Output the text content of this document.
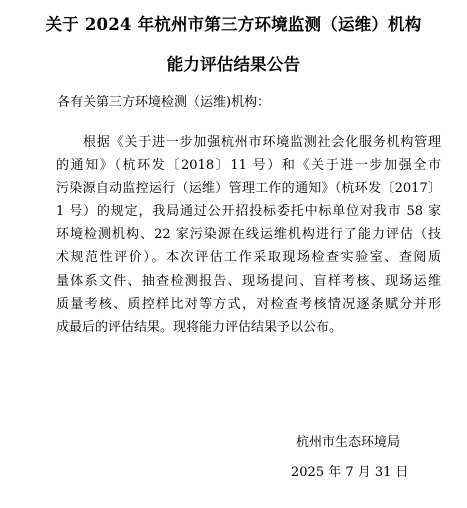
关于 2024 年杭州市第三方环境监测（运维）机构
能力评估结果公告
各有关第三方环境检测（运维)机构：
根据《关于进一步加强杭州市环境监测社会化服务机构管理
的通知》（杭环发〔2018〕11 号）和《关于进一步加强全市
污染源自动监控运行（运维）管理工作的通知》（杭环发〔2017〕
1 号）的规定，我局通过公开招投标委托中标单位对我市 58 家
环境检测机构、22 家污染源在线运维机构进行了能力评估（技
术规范性评价）。本次评估工作采取现场检查实验室、查阅质
量体系文件、抽查检测报告、现场提问、盲样考核、现场运维
质量考核、质控样比对等方式，对检查考核情况逐条赋分并形
成最后的评估结果。现将能力评估结果予以公布。
杭州市生态环境局
2025 年 7 月 31 日
